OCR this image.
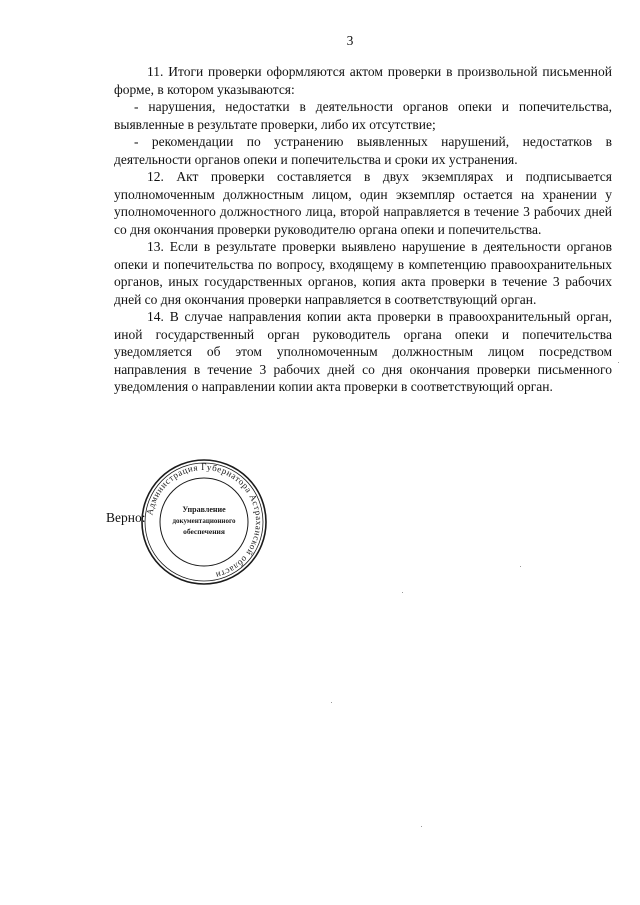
3

11. Итоги проверки оформляются актом проверки в произвольной письменной форме, в котором указываются:

- нарушения, недостатки в деятельности органов опеки и попечительства, выявленные в результате проверки, либо их отсутствие;

- рекомендации по устранению выявленных нарушений, недостатков в деятельности органов опеки и попечительства и сроки их устранения.

12. Акт проверки составляется в двух экземплярах и подписывается уполномоченным должностным лицом, один экземпляр остается на хранении у уполномоченного должностного лица, второй направляется в течение 3 рабочих дней со дня окончания проверки руководителю органа опеки и попечительства.

13. Если в результате проверки выявлено нарушение в деятельности органов опеки и попечительства по вопросу, входящему в компетенцию правоохранительных органов, иных государственных органов, копия акта проверки в течение 3 рабочих дней со дня окончания проверки направляется в соответствующий орган.

14. В случае направления копии акта проверки в правоохранительный орган, иной государственный орган руководитель органа опеки и попечительства уведомляется об этом уполномоченным должностным лицом посредством направления в течение 3 рабочих дней со дня окончания проверки письменного уведомления о направлении копии акта проверки в соответствующий орган.

Верно:
Администрация Губернатора Астраханской области
Управление
документационного
обеспечения
